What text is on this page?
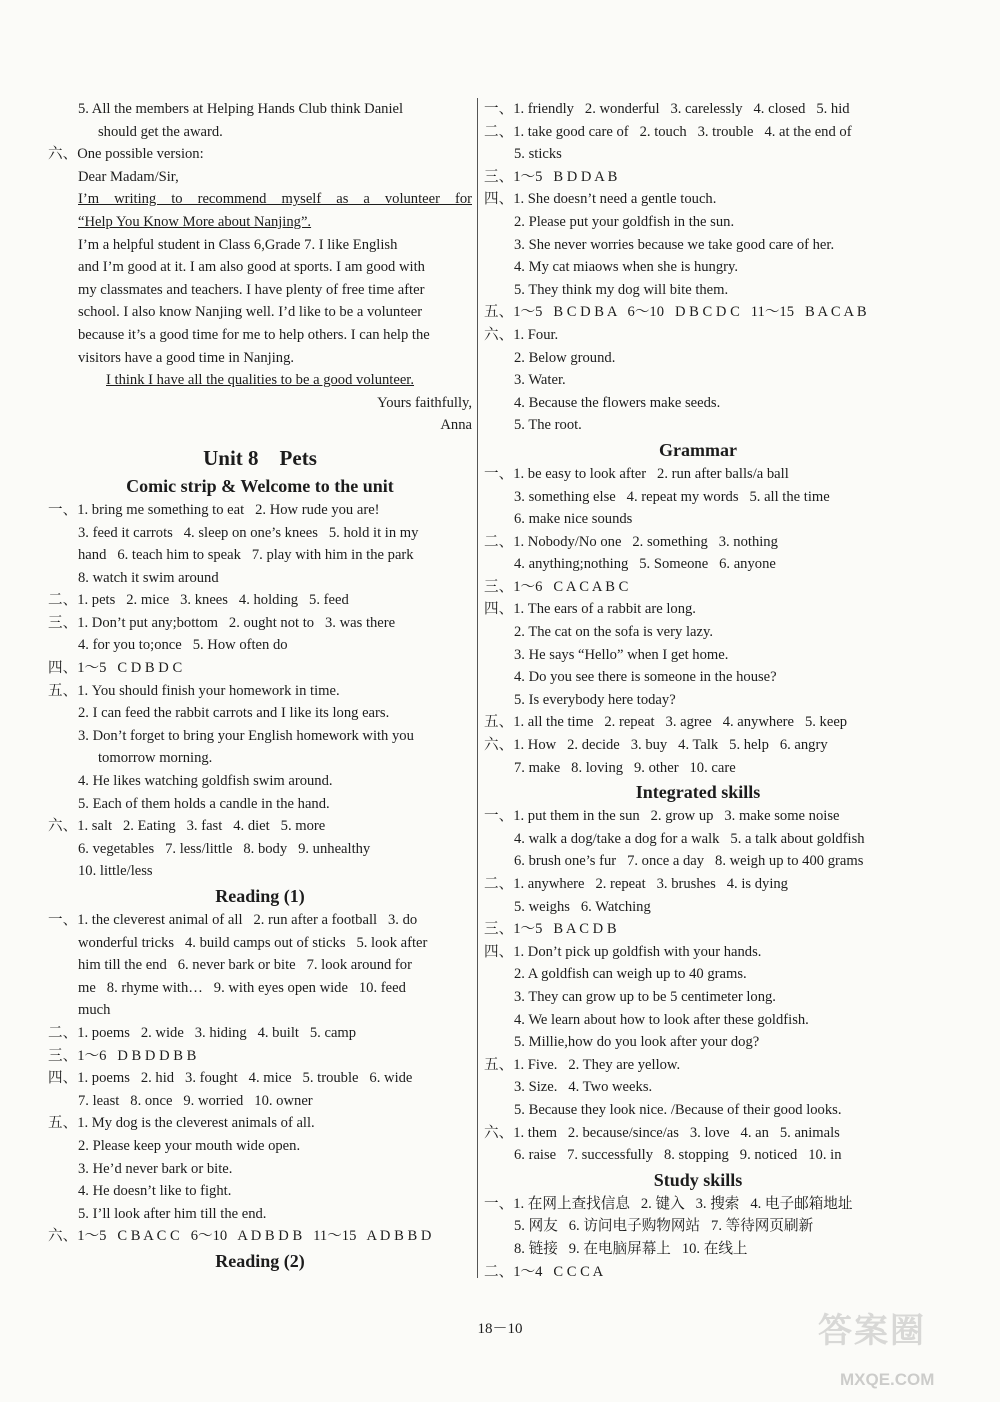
5. All the members at Helping Hands Club think Daniel
should get the award.
六、One possible version:
Dear Madam/Sir,
I’m writing to recommend myself as a volunteer for
“Help You Know More about Nanjing”.
I’m a helpful student in Class 6,Grade 7. I like English
and I’m good at it. I am also good at sports. I am good with
my classmates and teachers. I have plenty of free time after
school. I also know Nanjing well. I’d like to be a volunteer
because it’s a good time for me to help others. I can help the
visitors have a good time in Nanjing.
I think I have all the qualities to be a good volunteer.
Yours faithfully,
Anna
Unit 8    Pets
Comic strip & Welcome to the unit
一、1. bring me something to eat   2. How rude you are!
3. feed it carrots   4. sleep on one’s knees   5. hold it in my
hand   6. teach him to speak   7. play with him in the park
8. watch it swim around
二、1. pets   2. mice   3. knees   4. holding   5. feed
三、1. Don’t put any;bottom   2. ought not to   3. was there
4. for you to;once   5. How often do
四、1～5   C D B D C
五、1. You should finish your homework in time.
2. I can feed the rabbit carrots and I like its long ears.
3. Don’t forget to bring your English homework with you
tomorrow morning.
4. He likes watching goldfish swim around.
5. Each of them holds a candle in the hand.
六、1. salt   2. Eating   3. fast   4. diet   5. more
6. vegetables   7. less/little   8. body   9. unhealthy
10. little/less
Reading (1)
一、1. the cleverest animal of all   2. run after a football   3. do
wonderful tricks   4. build camps out of sticks   5. look after
him till the end   6. never bark or bite   7. look around for
me   8. rhyme with…   9. with eyes open wide   10. feed
much
二、1. poems   2. wide   3. hiding   4. built   5. camp
三、1～6   D B D D B B
四、1. poems   2. hid   3. fought   4. mice   5. trouble   6. wide
7. least   8. once   9. worried   10. owner
五、1. My dog is the cleverest animals of all.
2. Please keep your mouth wide open.
3. He’d never bark or bite.
4. He doesn’t like to fight.
5. I’ll look after him till the end.
六、1～5   C B A C C   6～10   A D B D B   11～15   A D B B D
Reading (2)
一、1. friendly   2. wonderful   3. carelessly   4. closed   5. hid
二、1. take good care of   2. touch   3. trouble   4. at the end of
5. sticks
三、1～5   B D D A B
四、1. She doesn’t need a gentle touch.
2. Please put your goldfish in the sun.
3. She never worries because we take good care of her.
4. My cat miaows when she is hungry.
5. They think my dog will bite them.
五、1～5   B C D B A   6～10   D B C D C   11～15   B A C A B
六、1. Four.
2. Below ground.
3. Water.
4. Because the flowers make seeds.
5. The root.
Grammar
一、1. be easy to look after   2. run after balls/a ball
3. something else   4. repeat my words   5. all the time
6. make nice sounds
二、1. Nobody/No one   2. something   3. nothing
4. anything;nothing   5. Someone   6. anyone
三、1～6   C A C A B C
四、1. The ears of a rabbit are long.
2. The cat on the sofa is very lazy.
3. He says “Hello” when I get home.
4. Do you see there is someone in the house?
5. Is everybody here today?
五、1. all the time   2. repeat   3. agree   4. anywhere   5. keep
六、1. How   2. decide   3. buy   4. Talk   5. help   6. angry
7. make   8. loving   9. other   10. care
Integrated skills
一、1. put them in the sun   2. grow up   3. make some noise
4. walk a dog/take a dog for a walk   5. a talk about goldfish
6. brush one’s fur   7. once a day   8. weigh up to 400 grams
二、1. anywhere   2. repeat   3. brushes   4. is dying
5. weighs   6. Watching
三、1～5   B A C D B
四、1. Don’t pick up goldfish with your hands.
2. A goldfish can weigh up to 40 grams.
3. They can grow up to be 5 centimeter long.
4. We learn about how to look after these goldfish.
5. Millie,how do you look after your dog?
五、1. Five.   2. They are yellow.
3. Size.   4. Two weeks.
5. Because they look nice. /Because of their good looks.
六、1. them   2. because/since/as   3. love   4. an   5. animals
6. raise   7. successfully   8. stopping   9. noticed   10. in
Study skills
一、1. 在网上查找信息   2. 键入   3. 搜索   4. 电子邮箱地址
5. 网友   6. 访问电子购物网站   7. 等待网页刷新
8. 链接   9. 在电脑屏幕上   10. 在线上
二、1～4   C C C A
18－10	答案圈
MXQE.COM
